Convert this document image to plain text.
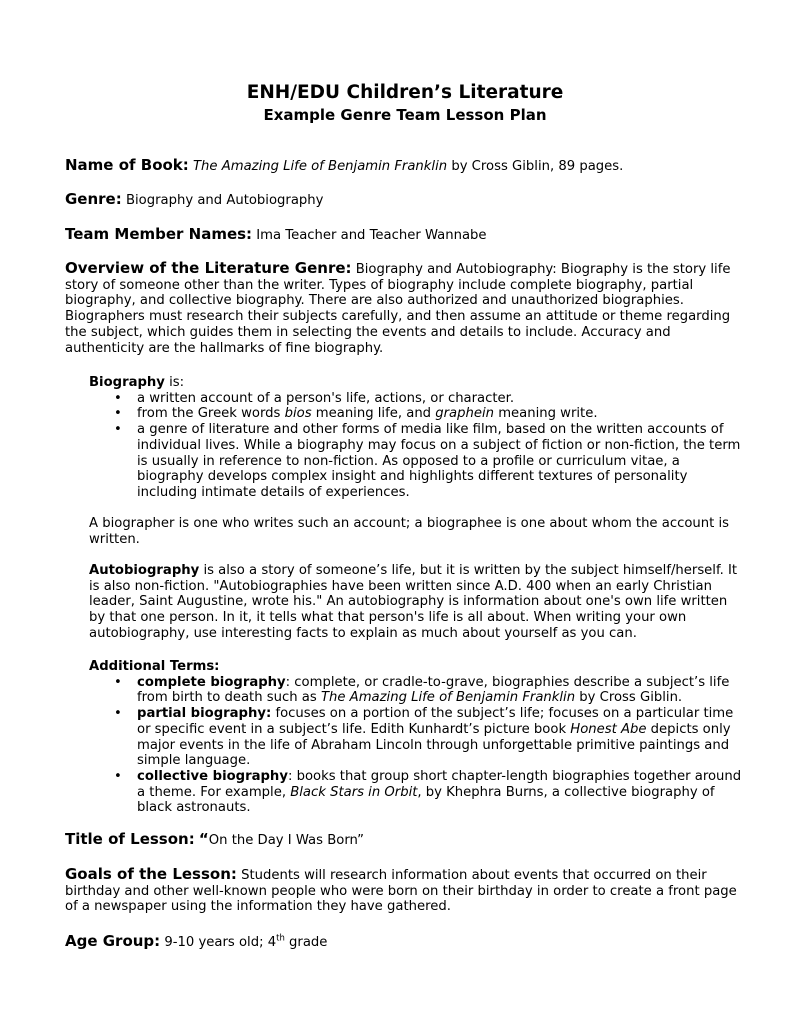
ENH/EDU Children’s Literature
Example Genre Team Lesson Plan

Name of Book: The Amazing Life of Benjamin Franklin by Cross Giblin, 89 pages.

Genre: Biography and Autobiography

Team Member Names: Ima Teacher and Teacher Wannabe

Overview of the Literature Genre: Biography and Autobiography: Biography is the story life story of someone other than the writer. Types of biography include complete biography, partial biography, and collective biography. There are also authorized and unauthorized biographies. Biographers must research their subjects carefully, and then assume an attitude or theme regarding the subject, which guides them in selecting the events and details to include. Accuracy and authenticity are the hallmarks of fine biography.

Biography is:

• a written account of a person's life, actions, or character.
• from the Greek words bios meaning life, and graphein meaning write.
• a genre of literature and other forms of media like film, based on the written accounts of individual lives. While a biography may focus on a subject of fiction or non-fiction, the term is usually in reference to non-fiction. As opposed to a profile or curriculum vitae, a biography develops complex insight and highlights different textures of personality including intimate details of experiences.

A biographer is one who writes such an account; a biographee is one about whom the account is written.

Autobiography is also a story of someone’s life, but it is written by the subject himself/herself. It is also non-fiction. "Autobiographies have been written since A.D. 400 when an early Christian leader, Saint Augustine, wrote his." An autobiography is information about one's own life written by that one person. In it, it tells what that person's life is all about. When writing your own autobiography, use interesting facts to explain as much about yourself as you can.

Additional Terms:

• complete biography: complete, or cradle-to-grave, biographies describe a subject’s life from birth to death such as The Amazing Life of Benjamin Franklin by Cross Giblin.
• partial biography: focuses on a portion of the subject’s life; focuses on a particular time or specific event in a subject’s life. Edith Kunhardt’s picture book Honest Abe depicts only major events in the life of Abraham Lincoln through unforgettable primitive paintings and simple language.
• collective biography: books that group short chapter-length biographies together around a theme. For example, Black Stars in Orbit, by Khephra Burns, a collective biography of black astronauts.

Title of Lesson: “On the Day I Was Born”

Goals of the Lesson: Students will research information about events that occurred on their birthday and other well-known people who were born on their birthday in order to create a front page of a newspaper using the information they have gathered.

Age Group: 9-10 years old; 4th grade
